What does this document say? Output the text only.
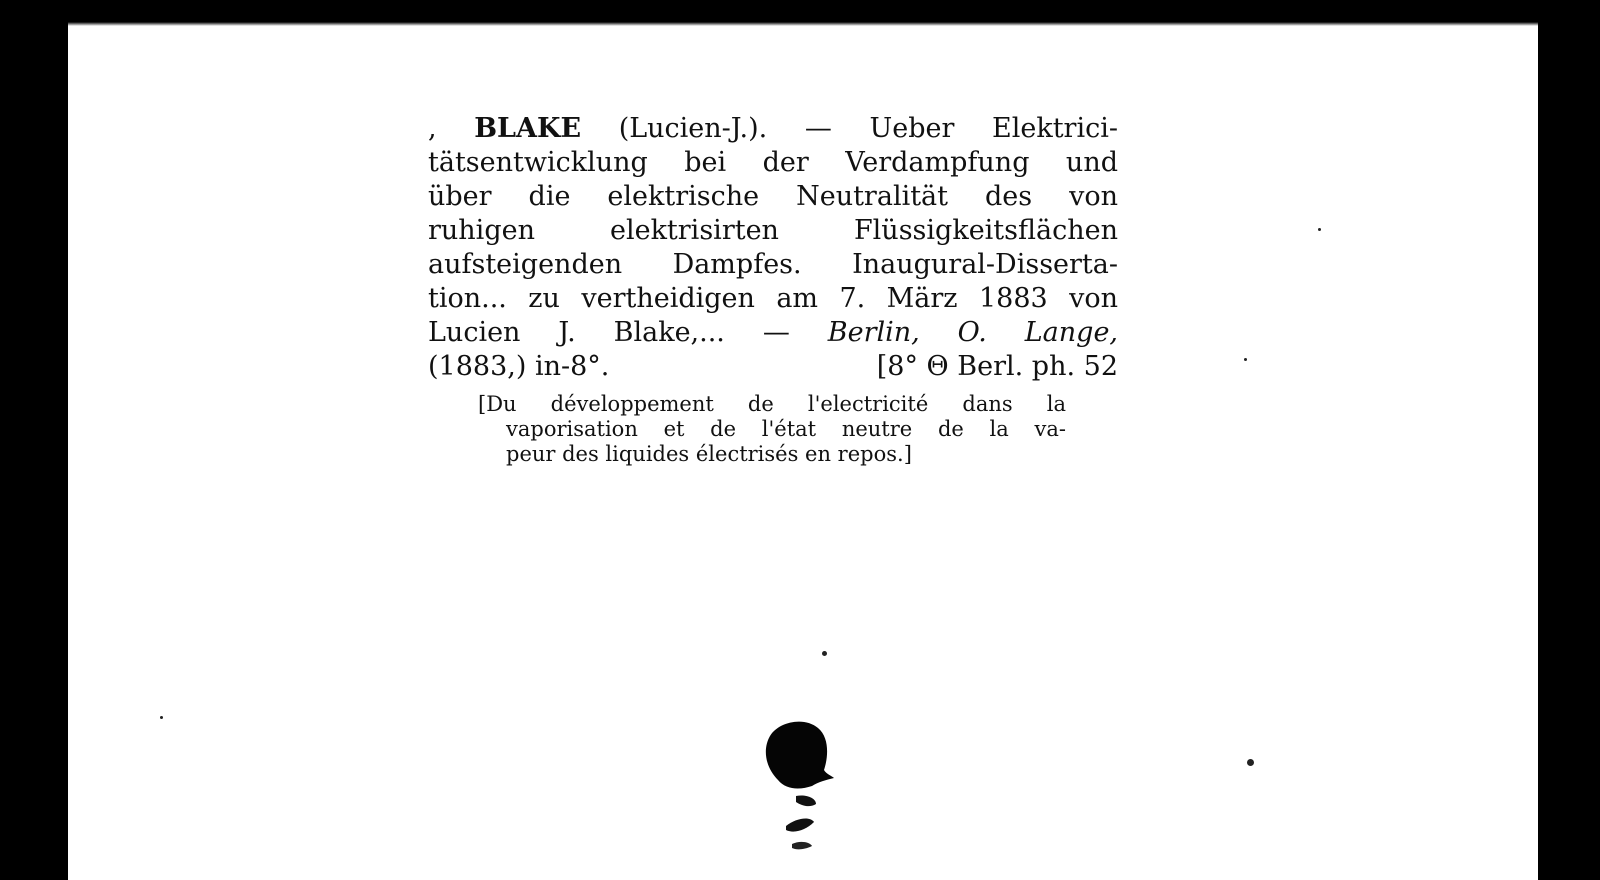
, BLAKE (Lucien-J.). — Ueber Elektrici-
tätsentwicklung bei der Verdampfung und
über die elektrische Neutralität des von
ruhigen elektrisirten Flüssigkeitsflächen
aufsteigenden Dampfes. Inaugural-Disserta-
tion... zu vertheidigen am 7. März 1883 von
Lucien J. Blake,... — Berlin, O. Lange,
(1883,) in-8°.	[8° Θ Berl. ph. 52

[Du développement de l'electricité dans la
vaporisation et de l'état neutre de la va-
peur des liquides électrisés en repos.]
